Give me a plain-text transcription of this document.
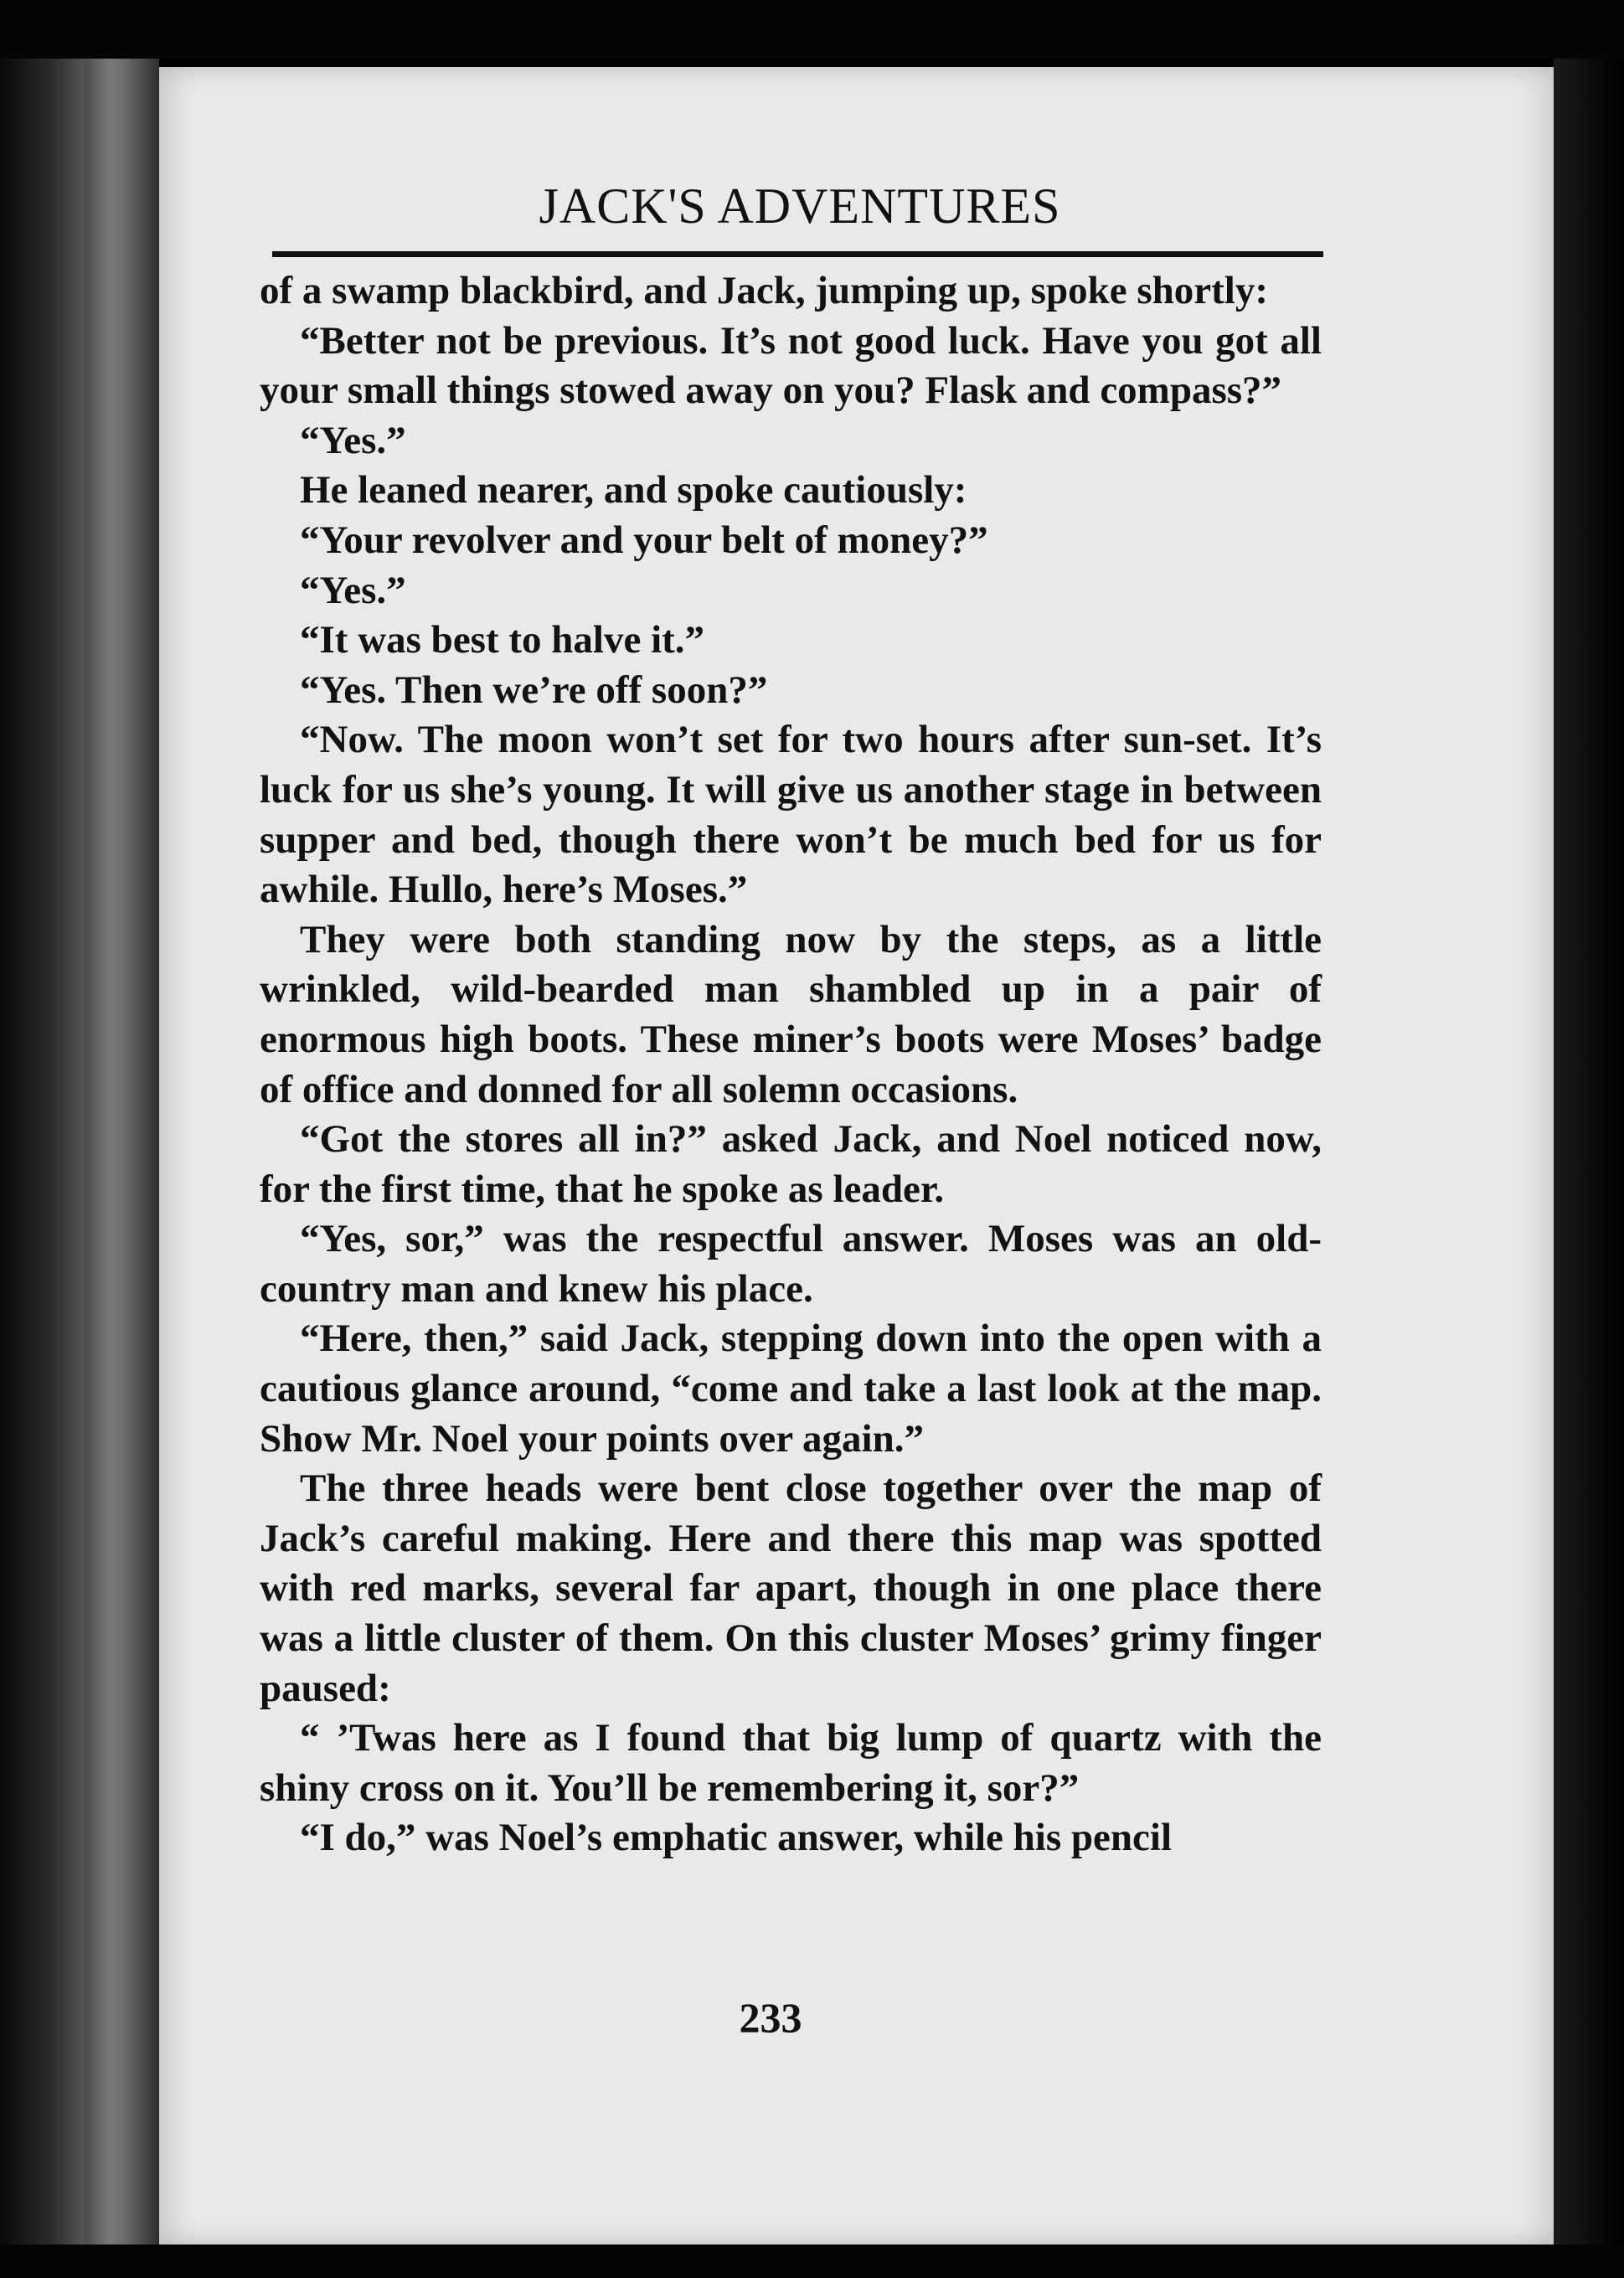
JACK'S ADVENTURES

of a swamp blackbird, and Jack, jumping up, spoke shortly:

“Better not be previous. It’s not good luck. Have you got all your small things stowed away on you? Flask and compass?”

“Yes.”

He leaned nearer, and spoke cautiously:

“Your revolver and your belt of money?”

“Yes.”

“It was best to halve it.”

“Yes. Then we’re off soon?”

“Now. The moon won’t set for two hours after sun-set. It’s luck for us she’s young. It will give us another stage in between supper and bed, though there won’t be much bed for us for awhile. Hullo, here’s Moses.”

They were both standing now by the steps, as a little wrinkled, wild-bearded man shambled up in a pair of enormous high boots. These miner’s boots were Moses’ badge of office and donned for all solemn occasions.

“Got the stores all in?” asked Jack, and Noel noticed now, for the first time, that he spoke as leader.

“Yes, sor,” was the respectful answer. Moses was an old-country man and knew his place.

“Here, then,” said Jack, stepping down into the open with a cautious glance around, “come and take a last look at the map. Show Mr. Noel your points over again.”

The three heads were bent close together over the map of Jack’s careful making. Here and there this map was spotted with red marks, several far apart, though in one place there was a little cluster of them. On this cluster Moses’ grimy finger paused:

“ ’Twas here as I found that big lump of quartz with the shiny cross on it. You’ll be remembering it, sor?”

“I do,” was Noel’s emphatic answer, while his pencil

233
